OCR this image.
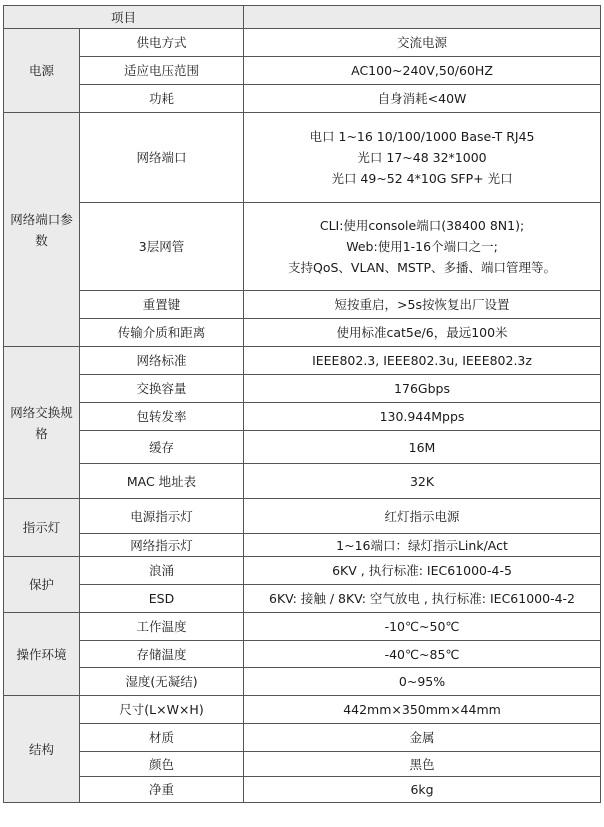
项目		
电源	供电方式	交流电源

	适应电压范围	AC100~240V,50/60HZ

	功耗	自身消耗<40W

网络端口参数	网络端口	电口 1~16 10/100/1000 Base-T RJ45
光口 17~48 32*1000
光口 49~52 4*10G SFP+ 光口

	3层网管	CLI:使用console端口(38400 8N1);
Web:使用1-16个端口之一;
支持QoS、VLAN、MSTP、多播、端口管理等。

	重置键	短按重启，>5s按恢复出厂设置

	传输介质和距离	使用标准cat5e/6，最远100米

网络交换规格	网络标准	IEEE802.3, IEEE802.3u, IEEE802.3z

	交换容量	176Gbps

	包转发率	130.944Mpps

	缓存	16M

	MAC 地址表	32K

指示灯	电源指示灯	红灯指示电源

	网络指示灯	1~16端口：绿灯指示Link/Act

保护	浪涌	6KV , 执行标准: IEC61000-4-5

	ESD	6KV: 接触 / 8KV: 空气放电 , 执行标准: IEC61000-4-2

操作环境	工作温度	-10℃~50℃

	存储温度	-40℃~85℃

	湿度(无凝结)	0~95%

结构	尺寸(L×W×H)	442mm×350mm×44mm

	材质	金属

	颜色	黑色

	净重	6kg
